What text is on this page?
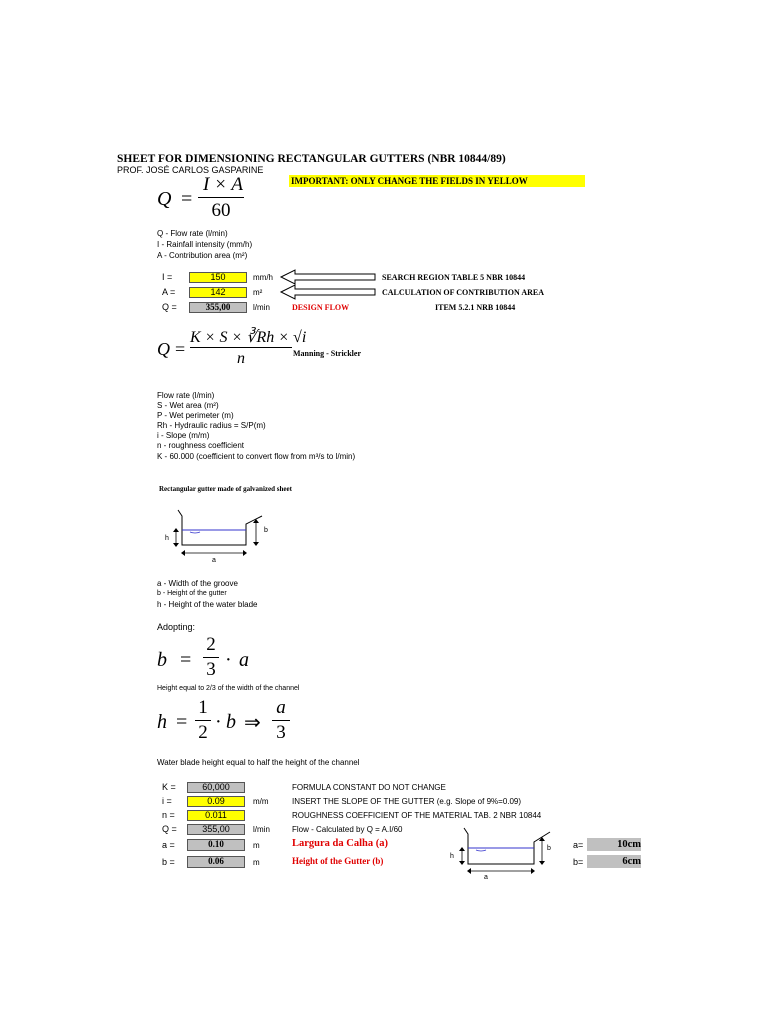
SHEET FOR DIMENSIONING RECTANGULAR GUTTERS (NBR 10844/89)
PROF. JOSÉ CARLOS GASPARINE
IMPORTANT: ONLY CHANGE THE FIELDS IN YELLOW
Q =
I × A
60
Q - Flow rate (l/min)
I - Rainfall intensity (mm/h)
A - Contribution area (m²)
I =	150	mm/h
A =	142	m²
Q =	355,00	l/min
SEARCH REGION TABLE 5 NBR 10844
CALCULATION OF CONTRIBUTION AREA
DESIGN FLOW	ITEM 5.2.1 NRB 10844
Q =
K × S × ∛Rh × √i
n	Manning - Strickler
Flow rate (l/min)
S - Wet area (m²)
P - Wet perimeter (m)
Rh - Hydraulic radius = S/P(m)
i - Slope (m/m)
n - roughness coefficient
K - 60.000 (coefficient to convert flow from m³/s to l/min)
Rectangular gutter made of galvanized sheet
h
b
a
a - Width of the groove
b - Height of the gutter
h - Height of the water blade
Adopting:
b =
2
3 · a
Height equal to 2/3 of the width of the channel
h =
1
2 · b ⇒
a
3
Water blade height equal to half the height of the channel
K =	60,000	FORMULA CONSTANT DO NOT CHANGE
i =	0.09	m/m	INSERT THE SLOPE OF THE GUTTER (e.g. Slope of 9%=0.09)
n =	0.011	ROUGHNESS COEFFICIENT OF THE MATERIAL TAB. 2 NBR 10844
Q =	355,00	l/min	Flow - Calculated by Q = A.I/60
a =	0.10	m	Largura da Calha (a)
b =	0.06	m	Height of the Gutter (b)	h
b
a
a=	10cm
b=	6cm
